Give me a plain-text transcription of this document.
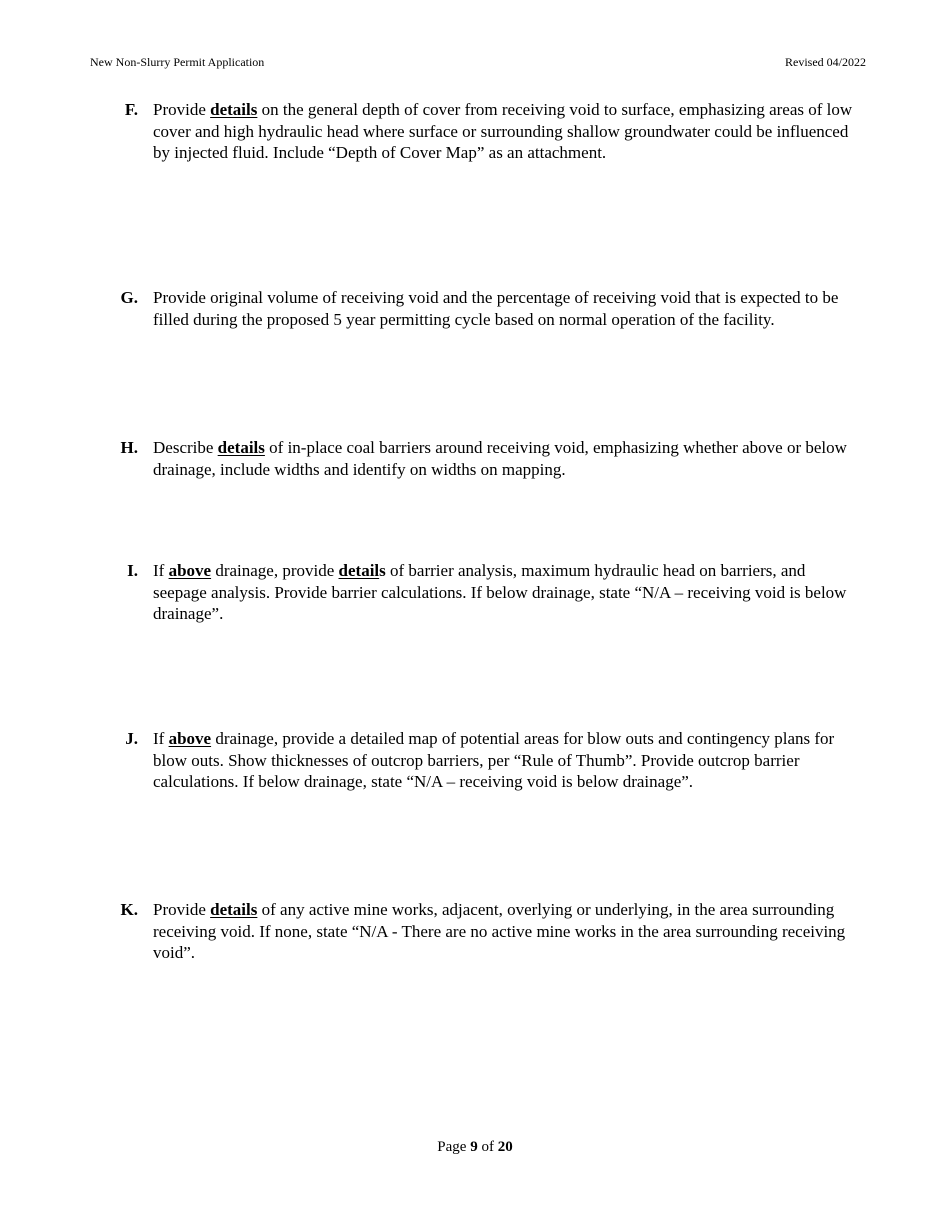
New Non-Slurry Permit Application	Revised 04/2022
F. Provide details on the general depth of cover from receiving void to surface, emphasizing areas of low cover and high hydraulic head where surface or surrounding shallow groundwater could be influenced by injected fluid. Include “Depth of Cover Map” as an attachment.
G. Provide original volume of receiving void and the percentage of receiving void that is expected to be filled during the proposed 5 year permitting cycle based on normal operation of the facility.
H. Describe details of in-place coal barriers around receiving void, emphasizing whether above or below drainage, include widths and identify on widths on mapping.
I. If above drainage, provide details of barrier analysis, maximum hydraulic head on barriers, and seepage analysis. Provide barrier calculations. If below drainage, state “N/A – receiving void is below drainage”.
J. If above drainage, provide a detailed map of potential areas for blow outs and contingency plans for blow outs. Show thicknesses of outcrop barriers, per “Rule of Thumb”. Provide outcrop barrier calculations. If below drainage, state “N/A – receiving void is below drainage”.
K. Provide details of any active mine works, adjacent, overlying or underlying, in the area surrounding receiving void. If none, state “N/A - There are no active mine works in the area surrounding receiving void”.
Page 9 of 20
